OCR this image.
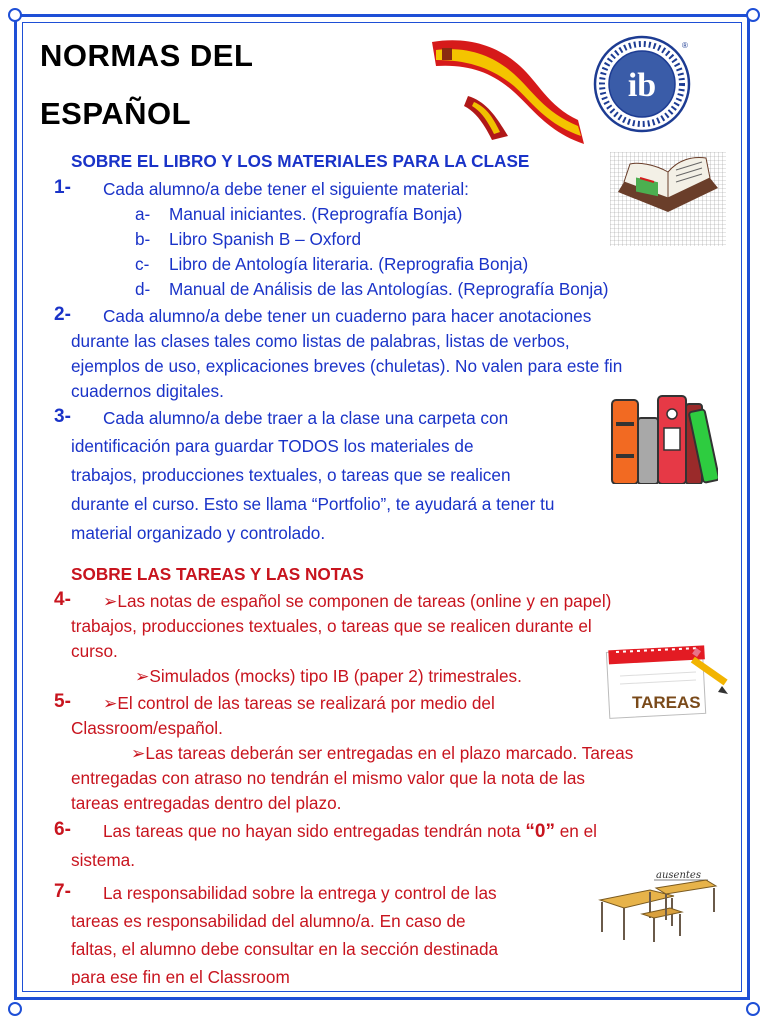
NORMAS DEL
ESPAÑOL
ib
®
SOBRE EL LIBRO Y LOS MATERIALES PARA LA CLASE
1- Cada alumno/a debe tener el siguiente material:
a- Manual iniciantes. (Reprografía Bonja)
b- Libro Spanish B – Oxford
c- Libro de Antología literaria. (Reprografia Bonja)
d- Manual de Análisis de las Antologías. (Reprografía Bonja)
2- Cada alumno/a debe tener un cuaderno para hacer anotaciones
durante las clases tales como listas de palabras, listas de verbos,
ejemplos de uso, explicaciones breves (chuletas). No valen para este fin
cuadernos digitales.
3- Cada alumno/a debe traer a la clase una carpeta con
identificación para guardar TODOS los materiales de
trabajos, producciones textuales, o tareas que se realicen
durante el curso. Esto se llama “Portfolio”, te ayudará a tener tu
material organizado y controlado.
SOBRE LAS TAREAS Y LAS NOTAS
4- ➢Las notas de español se componen de tareas (online y en papel)
trabajos, producciones textuales, o tareas que se realicen durante el
curso.
➢Simulados (mocks) tipo IB (paper 2) trimestrales.
TAREAS
5- ➢El control de las tareas se realizará por medio del
Classroom/español.
➢Las tareas deberán ser entregadas en el plazo marcado. Tareas
entregadas con atraso no tendrán el mismo valor que la nota de las
tareas entregadas dentro del plazo.
6- Las tareas que no hayan sido entregadas tendrán nota “0” en el
sistema.
7- La responsabilidad sobre la entrega y control de las
tareas es responsabilidad del alumno/a. En caso de
faltas, el alumno debe consultar en la sección destinada
para ese fin en el Classroom
ausentes
